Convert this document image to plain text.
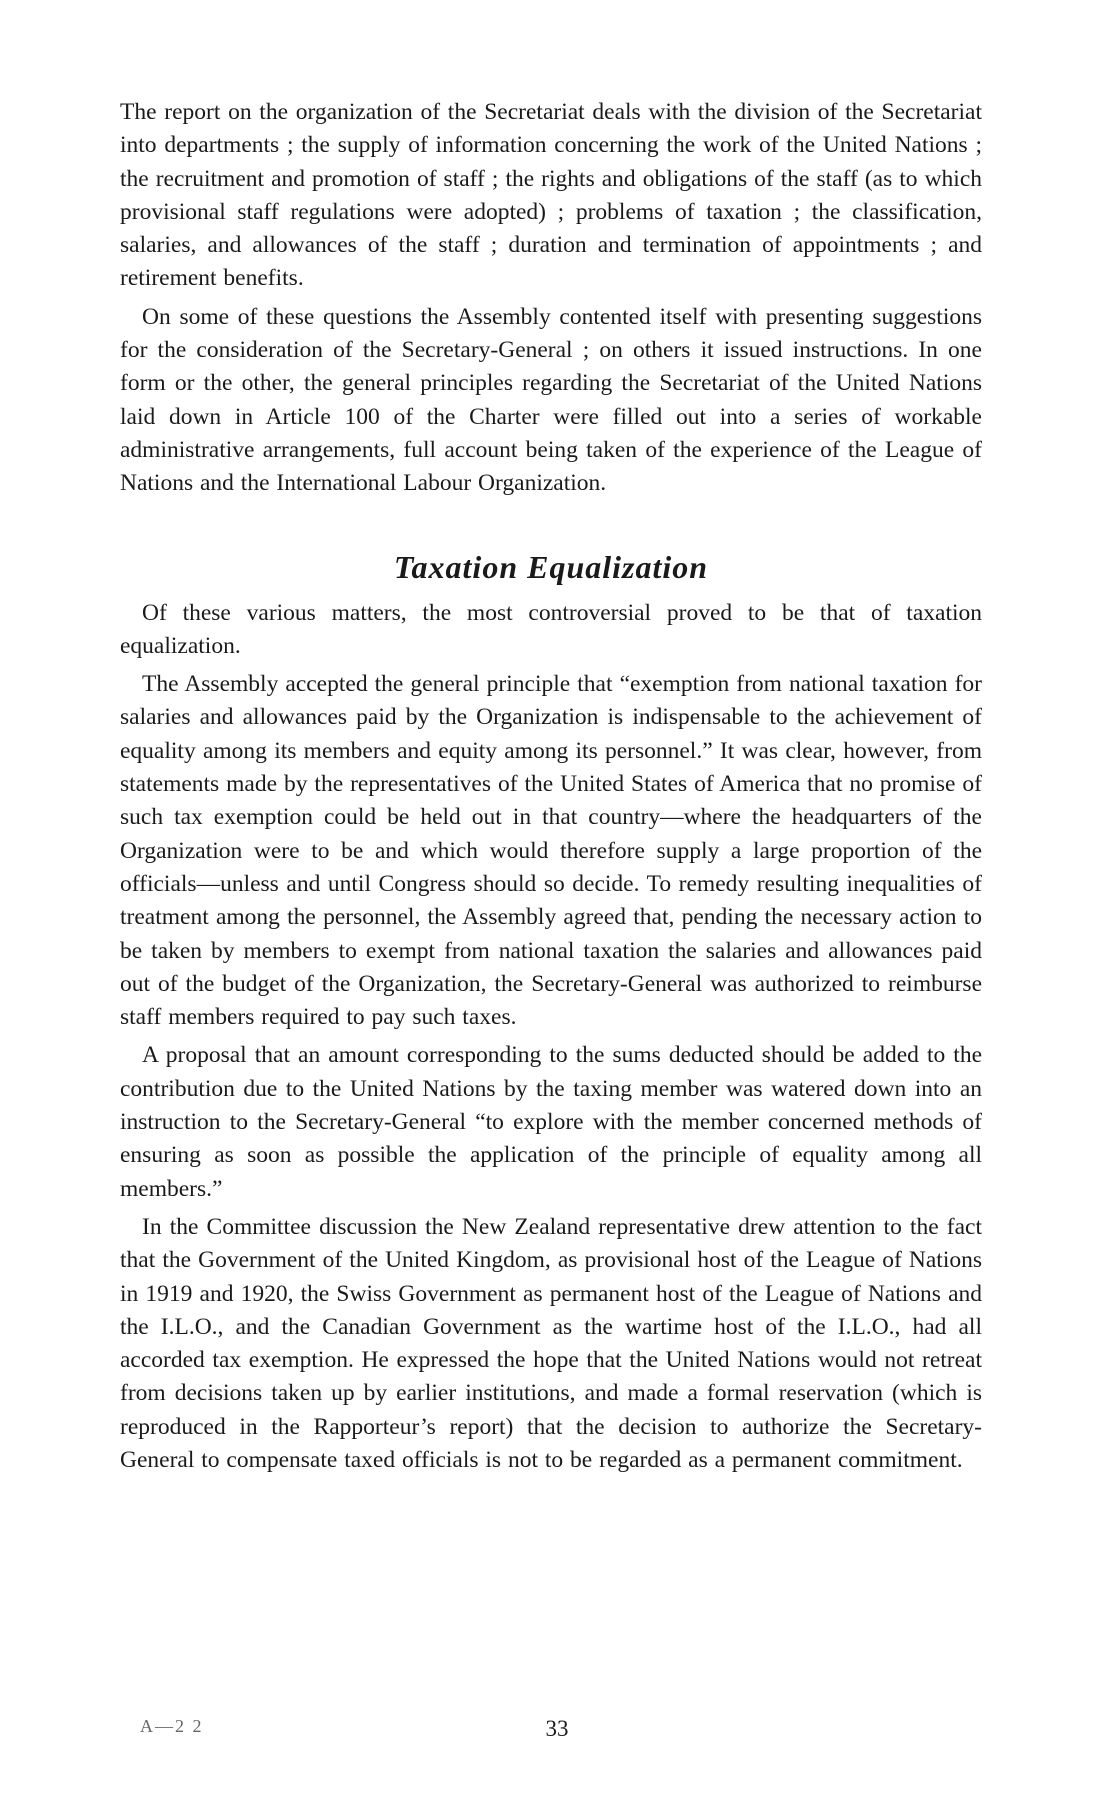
The report on the organization of the Secretariat deals with the division of the Secretariat into departments ; the supply of information concerning the work of the United Nations ; the recruitment and promotion of staff ; the rights and obligations of the staff (as to which provisional staff regulations were adopted) ; problems of taxation ; the classification, salaries, and allowances of the staff ; duration and termination of appointments ; and retirement benefits.

On some of these questions the Assembly contented itself with presenting suggestions for the consideration of the Secretary-General ; on others it issued instructions. In one form or the other, the general principles regarding the Secretariat of the United Nations laid down in Article 100 of the Charter were filled out into a series of workable administrative arrangements, full account being taken of the experience of the League of Nations and the International Labour Organization.

Taxation Equalization

Of these various matters, the most controversial proved to be that of taxation equalization.

The Assembly accepted the general principle that “exemption from national taxation for salaries and allowances paid by the Organization is indispensable to the achievement of equality among its members and equity among its personnel.” It was clear, however, from statements made by the representatives of the United States of America that no promise of such tax exemption could be held out in that country—where the headquarters of the Organization were to be and which would therefore supply a large proportion of the officials—unless and until Congress should so decide. To remedy resulting inequalities of treatment among the personnel, the Assembly agreed that, pending the necessary action to be taken by members to exempt from national taxation the salaries and allowances paid out of the budget of the Organization, the Secretary-General was authorized to reimburse staff members required to pay such taxes.

A proposal that an amount corresponding to the sums deducted should be added to the contribution due to the United Nations by the taxing member was watered down into an instruction to the Secretary-General “to explore with the member concerned methods of ensuring as soon as possible the application of the principle of equality among all members.”

In the Committee discussion the New Zealand representative drew attention to the fact that the Government of the United Kingdom, as provisional host of the League of Nations in 1919 and 1920, the Swiss Government as permanent host of the League of Nations and the I.L.O., and the Canadian Government as the wartime host of the I.L.O., had all accorded tax exemption. He expressed the hope that the United Nations would not retreat from decisions taken up by earlier institutions, and made a formal reservation (which is reproduced in the Rapporteur’s report) that the decision to authorize the Secretary-General to compensate taxed officials is not to be regarded as a permanent commitment.

A—2 2	33
